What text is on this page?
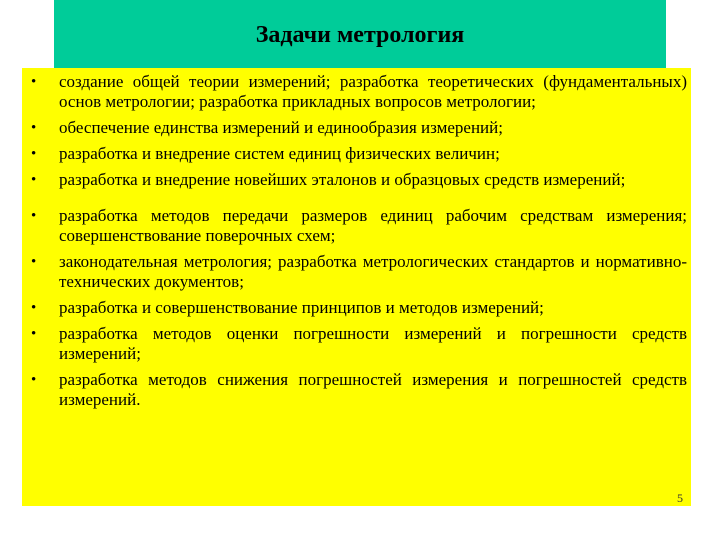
Задачи метрология
• создание общей теории измерений; разработка теоретических (фундаментальных) основ метрологии; разработка прикладных вопросов метрологии;
• обеспечение единства измерений и единообразия измерений;
• разработка и внедрение систем единиц физических величин;
• разработка и внедрение новейших эталонов и образцовых средств измерений;
• разработка методов передачи размеров единиц рабочим средствам измерения; совершенствование поверочных схем;
• законодательная метрология; разработка метрологических стандартов и нормативно-технических документов;
• разработка и совершенствование принципов и методов измерений;
• разработка методов оценки погрешности измерений и погрешности средств измерений;
• разработка методов снижения погрешностей измерения и погрешностей средств измерений.
5
